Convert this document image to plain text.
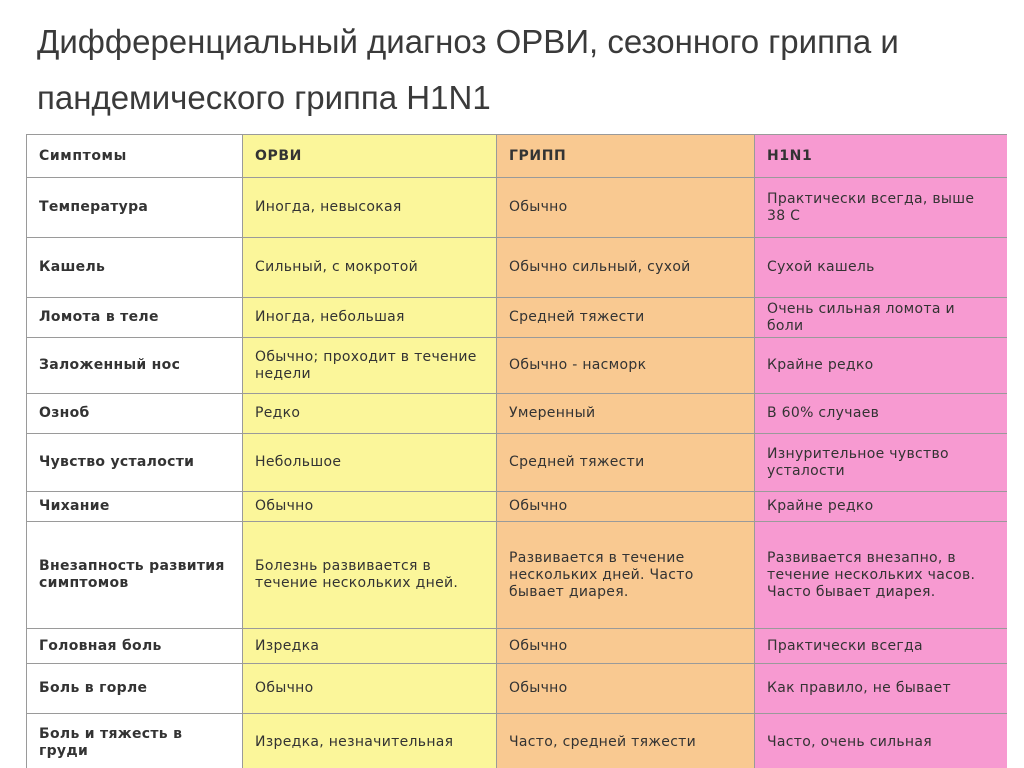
Дифференциальный диагноз ОРВИ, сезонного гриппа и пандемического гриппа H1N1
Симптомы	ОРВИ	ГРИПП	H1N1
Температура	Иногда, невысокая	Обычно	Практически всегда, выше 38 С
Кашель	Сильный, с мокротой	Обычно сильный, сухой	Сухой кашель
Ломота в теле	Иногда, небольшая	Средней тяжести	Очень сильная ломота и боли
Заложенный нос	Обычно; проходит в течение недели	Обычно - насморк	Крайне редко
Озноб	Редко	Умеренный	В 60% случаев
Чувство усталости	Небольшое	Средней тяжести	Изнурительное чувство усталости
Чихание	Обычно	Обычно	Крайне редко
Внезапность развития симптомов	Болезнь развивается в течение нескольких дней.	Развивается в течение нескольких дней. Часто бывает диарея.	Развивается внезапно, в течение нескольких часов. Часто бывает диарея.
Головная боль	Изредка	Обычно	Практически всегда
Боль в горле	Обычно	Обычно	Как правило, не бывает
Боль и тяжесть в груди	Изредка, незначительная	Часто, средней тяжести	Часто, очень сильная
